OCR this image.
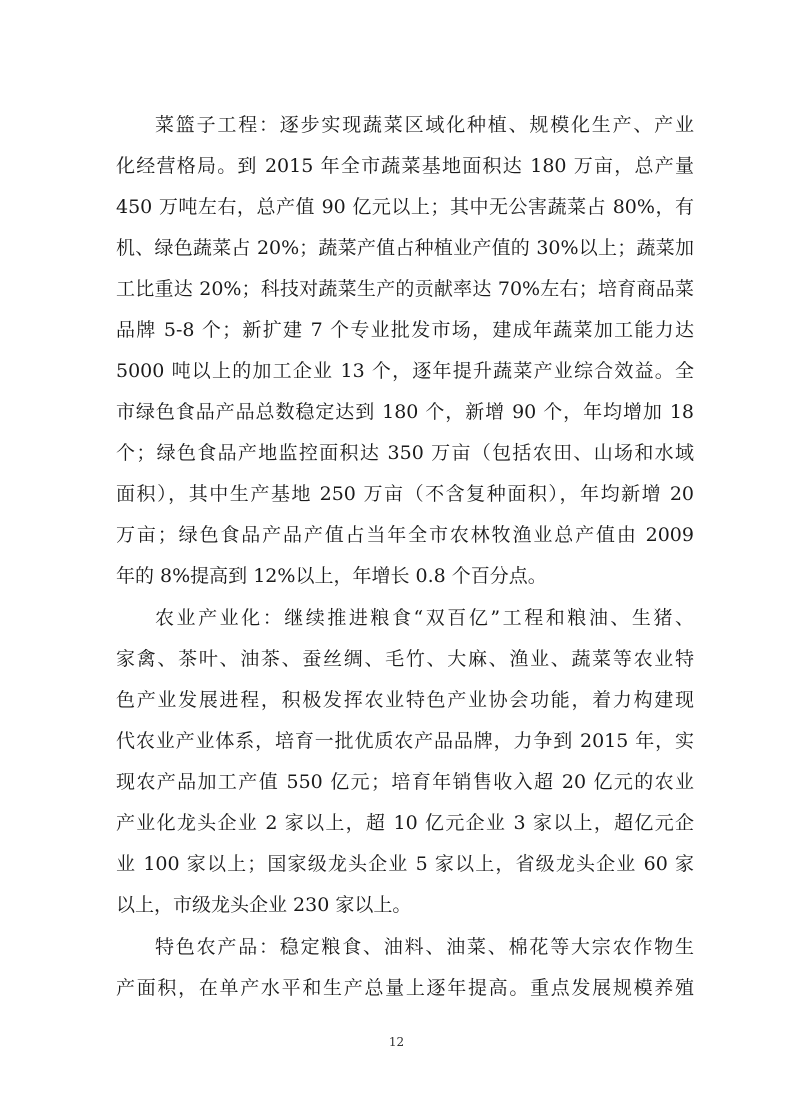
菜篮子工程：逐步实现蔬菜区域化种植、规模化生产、产业
化经营格局。到 2015 年全市蔬菜基地面积达 180 万亩，总产量
450 万吨左右，总产值 90 亿元以上；其中无公害蔬菜占 80%，有
机、绿色蔬菜占 20%；蔬菜产值占种植业产值的 30%以上；蔬菜加
工比重达 20%；科技对蔬菜生产的贡献率达 70%左右；培育商品菜
品牌 5-8 个；新扩建 7 个专业批发市场，建成年蔬菜加工能力达
5000 吨以上的加工企业 13 个，逐年提升蔬菜产业综合效益。全
市绿色食品产品总数稳定达到 180 个，新增 90 个，年均增加 18
个；绿色食品产地监控面积达 350 万亩（包括农田、山场和水域
面积），其中生产基地 250 万亩（不含复种面积），年均新增 20
万亩；绿色食品产品产值占当年全市农林牧渔业总产值由 2009
年的 8%提高到 12%以上，年增长 0.8 个百分点。
农业产业化：继续推进粮食“双百亿”工程和粮油、生猪、
家禽、茶叶、油茶、蚕丝绸、毛竹、大麻、渔业、蔬菜等农业特
色产业发展进程，积极发挥农业特色产业协会功能，着力构建现
代农业产业体系，培育一批优质农产品品牌，力争到 2015 年，实
现农产品加工产值 550 亿元；培育年销售收入超 20 亿元的农业
产业化龙头企业 2 家以上，超 10 亿元企业 3 家以上，超亿元企
业 100 家以上；国家级龙头企业 5 家以上，省级龙头企业 60 家
以上，市级龙头企业 230 家以上。
特色农产品：稳定粮食、油料、油菜、棉花等大宗农作物生
产面积，在单产水平和生产总量上逐年提高。重点发展规模养殖
12
